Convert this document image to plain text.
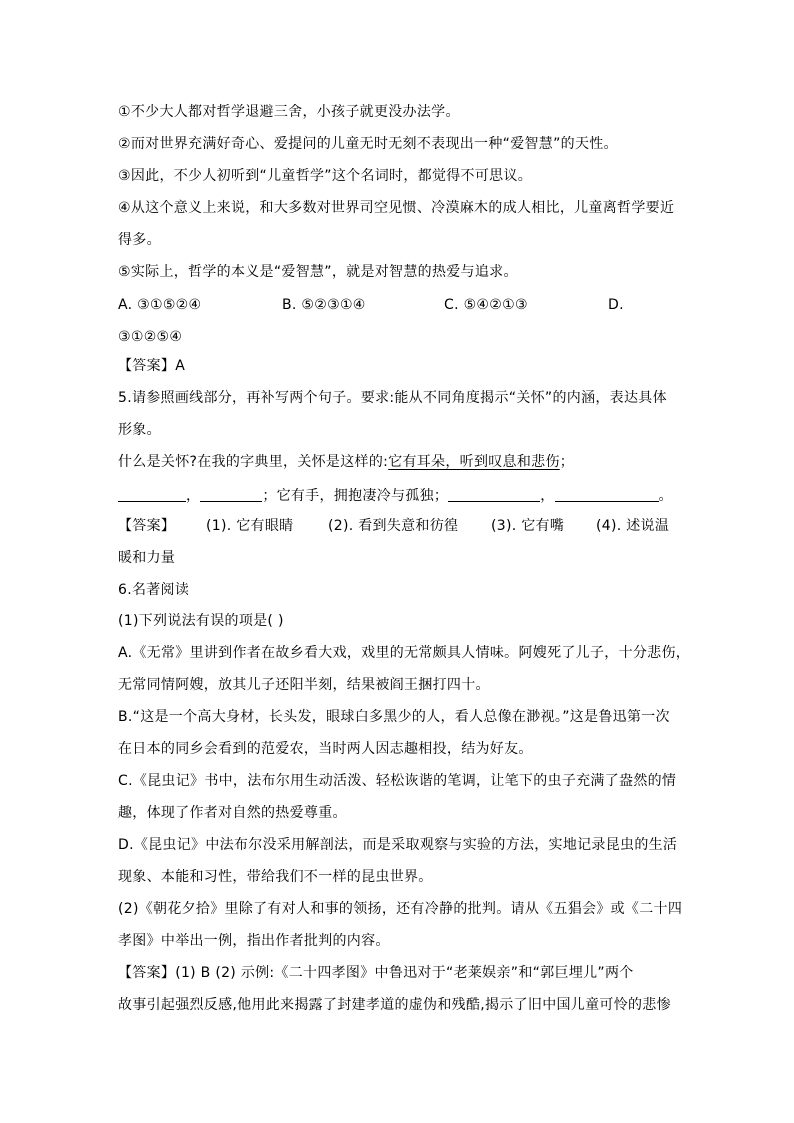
①不少大人都对哲学退避三舍，小孩子就更没办法学。
②而对世界充满好奇心、爱提问的儿童无时无刻不表现出一种“爱智慧”的天性。
③因此，不少人初听到“儿童哲学”这个名词时，都觉得不可思议。
④从这个意义上来说，和大多数对世界司空见惯、冷漠麻木的成人相比，儿童离哲学要近
得多。
⑤实际上，哲学的本义是“爱智慧”，就是对智慧的热爱与追求。
A. ③①⑤②④	B. ⑤②③①④	C. ⑤④②①③	D.
③①②⑤④
【答案】A
5.请参照画线部分，再补写两个句子。要求:能从不同角度揭示“关怀”的内涵，表达具体
形象。
什么是关怀?在我的字典里，关怀是这样的:它有耳朵，听到叹息和悲伤；
，	；它有手，拥抱凄冷与孤独；	，	。
【答案】 (1). 它有眼睛 (2). 看到失意和彷徨 (3). 它有嘴 (4). 述说温
暖和力量
6.名著阅读
(1)下列说法有误的项是( )
A.《无常》里讲到作者在故乡看大戏，戏里的无常颇具人情味。阿嫂死了儿子，十分悲伤，
无常同情阿嫂，放其儿子还阳半刻，结果被阎王捆打四十。
B.“这是一个高大身材，长头发，眼球白多黑少的人，看人总像在渺视。”这是鲁迅第一次
在日本的同乡会看到的范爱农，当时两人因志趣相投，结为好友。
C.《昆虫记》书中，法布尔用生动活泼、轻松诙谐的笔调，让笔下的虫子充满了盎然的情
趣，体现了作者对自然的热爱尊重。
D.《昆虫记》中法布尔没采用解剖法，而是采取观察与实验的方法，实地记录昆虫的生活
现象、本能和习性，带给我们不一样的昆虫世界。
(2)《朝花夕拾》里除了有对人和事的领扬，还有冷静的批判。请从《五猖会》或《二十四
孝图》中举出一例，指出作者批判的内容。
【答案】(1) B (2) 示例:《二十四孝图》中鲁迅对于“老莱娱亲”和“郭巨埋儿”两个
故事引起强烈反感,他用此来揭露了封建孝道的虚伪和残酷,揭示了旧中国儿童可怜的悲惨
